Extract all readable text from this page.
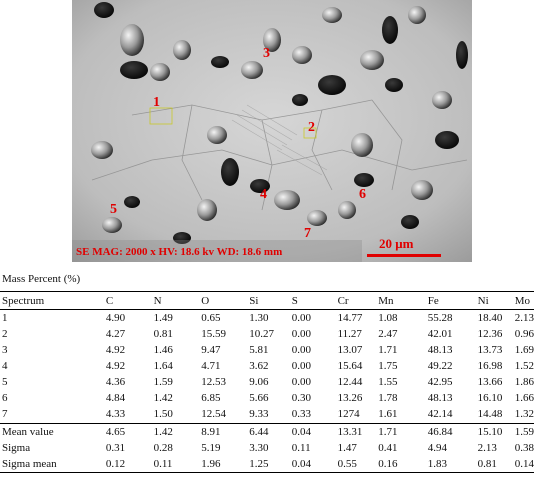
1
2
3
4
5
6
7
SE MAG: 2000 x HV: 18.6 kv WD: 18.6 mm
20 μm
Mass Percent (%)
Spectrum	C	N	O	Si	S	Cr	Mn	Fe	Ni	Mo
1	4.90	1.49	0.65	1.30	0.00	14.77	1.08	55.28	18.40	2.13
2	4.27	0.81	15.59	10.27	0.00	11.27	2.47	42.01	12.36	0.96
3	4.92	1.46	9.47	5.81	0.00	13.07	1.71	48.13	13.73	1.69
4	4.92	1.64	4.71	3.62	0.00	15.64	1.75	49.22	16.98	1.52
5	4.36	1.59	12.53	9.06	0.00	12.44	1.55	42.95	13.66	1.86
6	4.84	1.42	6.85	5.66	0.30	13.26	1.78	48.13	16.10	1.66
7	4.33	1.50	12.54	9.33	0.33	1274	1.61	42.14	14.48	1.32
Mean value	4.65	1.42	8.91	6.44	0.04	13.31	1.71	46.84	15.10	1.59
Sigma	0.31	0.28	5.19	3.30	0.11	1.47	0.41	4.94	2.13	0.38
Sigma mean	0.12	0.11	1.96	1.25	0.04	0.55	0.16	1.83	0.81	0.14
